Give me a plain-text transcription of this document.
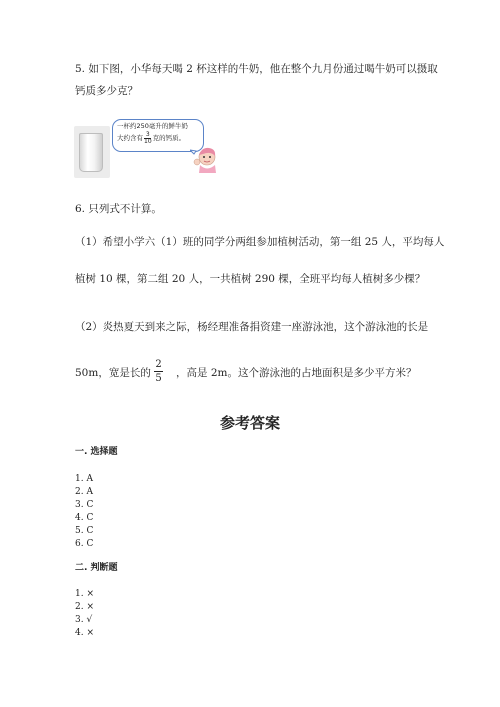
5. 如下图，小华每天喝 2 杯这样的牛奶，他在整个九月份通过喝牛奶可以摄取
钙质多少克？
一杯约250毫升的鲜牛奶
大约含有 $\frac{3}{10}$ 克的钙质。
6. 只列式不计算。
（1）希望小学六（1）班的同学分两组参加植树活动，第一组 25 人，平均每人
植树 10 棵，第二组 20 人，一共植树 290 棵，全班平均每人植树多少棵？
（2）炎热夏天到来之际，杨经理准备捐资建一座游泳池，这个游泳池的长是
50m，宽是长的
2
5 ，高是 2m。这个游泳池的占地面积是多少平方米？
参考答案
一. 选择题
1. A
2. A
3. C
4. C
5. C
6. C
二. 判断题
1. ×
2. ×
3. √
4. ×
